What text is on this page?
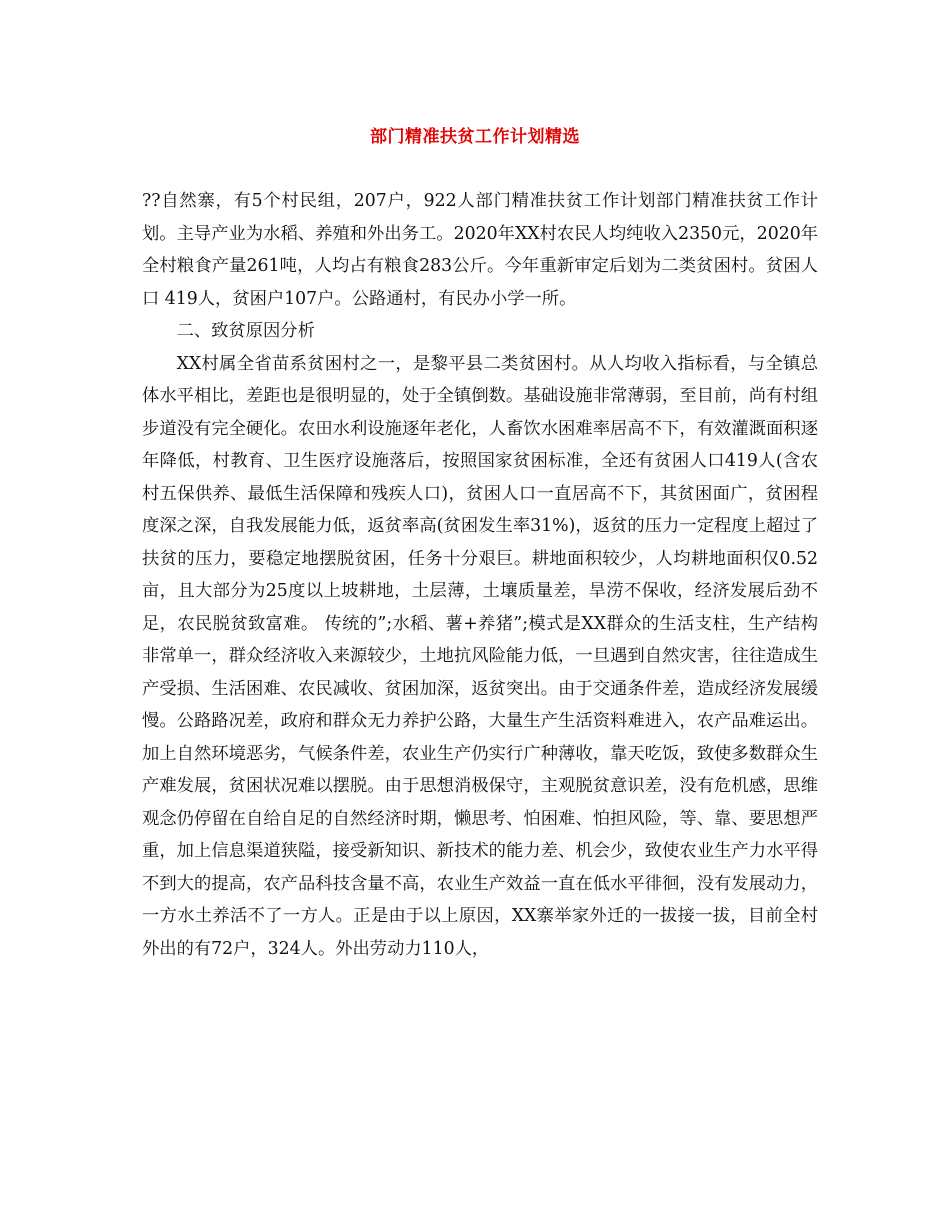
部门精准扶贫工作计划精选

??自然寨，有5个村民组，207户，922人部门精准扶贫工作计划部门精准扶贫工作计划。主导产业为水稻、养殖和外出务工。2020年XX村农民人均纯收入2350元，2020年全村粮食产量261吨，人均占有粮食283公斤。今年重新审定后划为二类贫困村。贫困人口 419人，贫困户107户。公路通村，有民办小学一所。

二、致贫原因分析

XX村属全省苗系贫困村之一，是黎平县二类贫困村。从人均收入指标看，与全镇总体水平相比，差距也是很明显的，处于全镇倒数。基础设施非常薄弱，至目前，尚有村组步道没有完全硬化。农田水利设施逐年老化，人畜饮水困难率居高不下，有效灌溉面积逐年降低，村教育、卫生医疗设施落后，按照国家贫困标准，全还有贫困人口419人(含农村五保供养、最低生活保障和残疾人口)，贫困人口一直居高不下，其贫困面广，贫困程度深之深，自我发展能力低，返贫率高(贫困发生率31%)，返贫的压力一定程度上超过了扶贫的压力，要稳定地摆脱贫困，任务十分艰巨。耕地面积较少，人均耕地面积仅0.52亩，且大部分为25度以上坡耕地，土层薄，土壤质量差，旱涝不保收，经济发展后劲不足，农民脱贫致富难。 传统的”;水稻、薯+养猪”;模式是XX群众的生活支柱，生产结构非常单一，群众经济收入来源较少，土地抗风险能力低，一旦遇到自然灾害，往往造成生产受损、生活困难、农民减收、贫困加深，返贫突出。由于交通条件差，造成经济发展缓慢。公路路况差，政府和群众无力养护公路，大量生产生活资料难进入，农产品难运出。加上自然环境恶劣，气候条件差，农业生产仍实行广种薄收，靠天吃饭，致使多数群众生产难发展，贫困状况难以摆脱。由于思想消极保守，主观脱贫意识差，没有危机感，思维观念仍停留在自给自足的自然经济时期，懒思考、怕困难、怕担风险，等、靠、要思想严重，加上信息渠道狭隘，接受新知识、新技术的能力差、机会少，致使农业生产力水平得不到大的提高，农产品科技含量不高，农业生产效益一直在低水平徘徊，没有发展动力，一方水土养活不了一方人。正是由于以上原因，XX寨举家外迁的一拔接一拔，目前全村外出的有72户，324人。外出劳动力110人，
